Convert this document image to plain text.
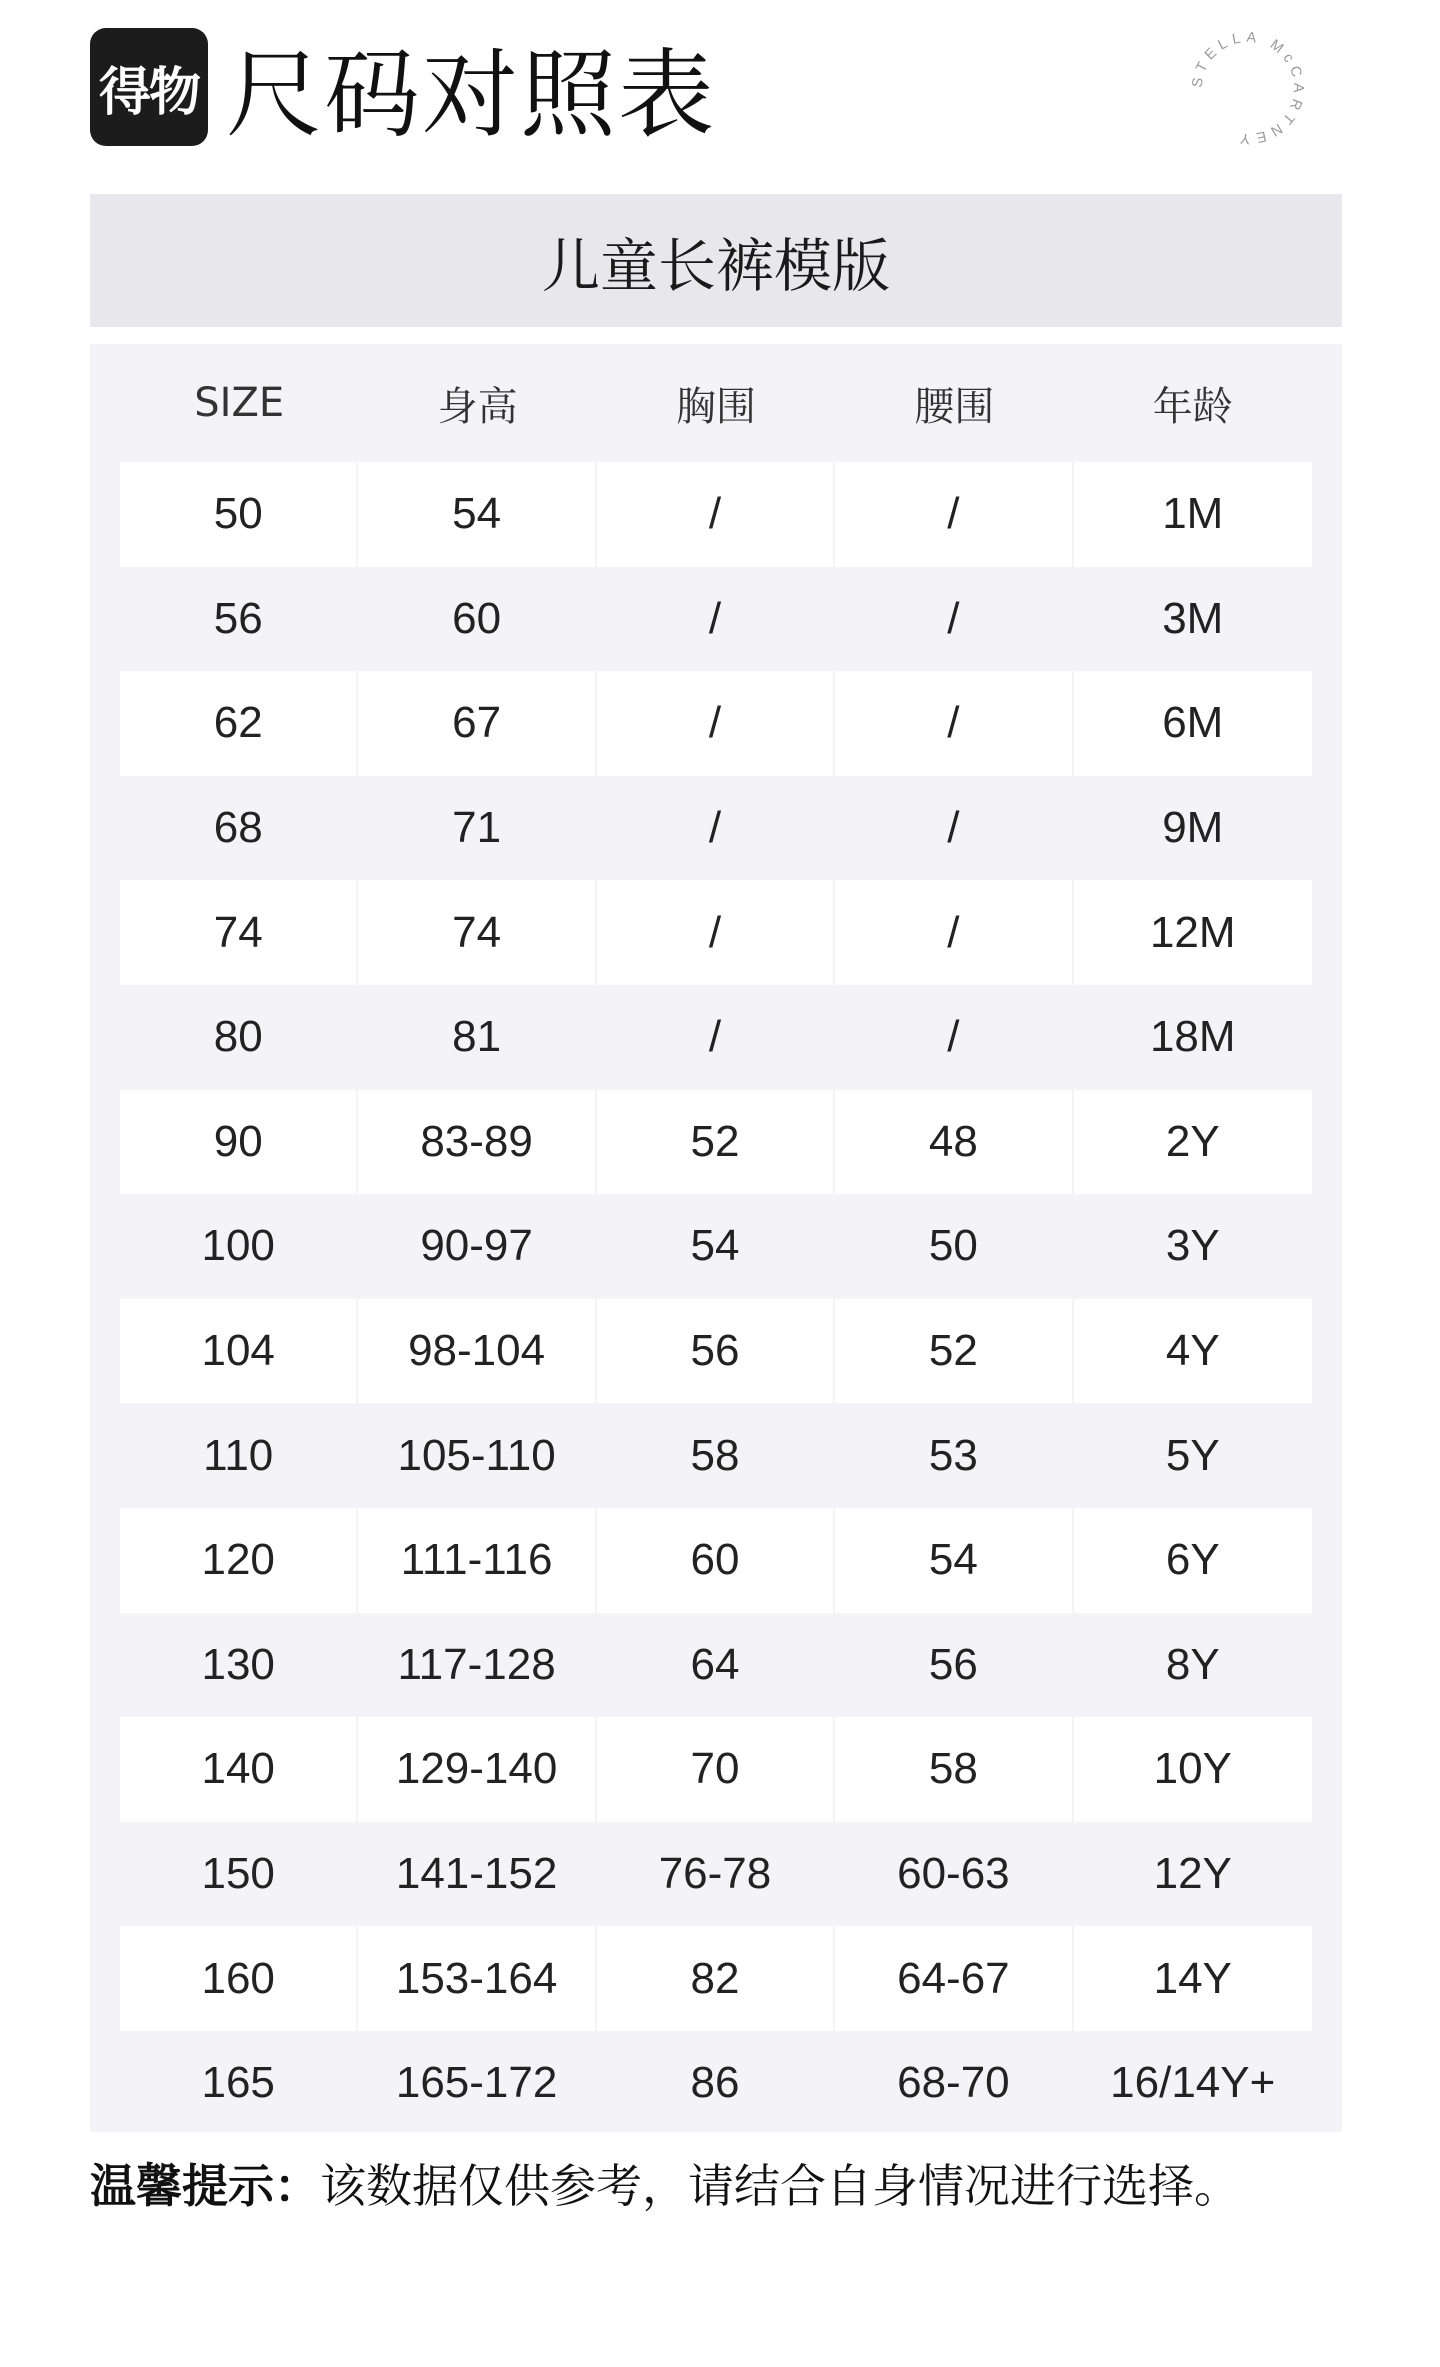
得物 尺码对照表	STELLA McCARTNEY
儿童长裤模版
SIZE	身高	胸围	腰围	年龄
50	54	/	/	1M
56	60	/	/	3M
62	67	/	/	6M
68	71	/	/	9M
74	74	/	/	12M
80	81	/	/	18M
90	83-89	52	48	2Y
100	90-97	54	50	3Y
104	98-104	56	52	4Y
110	105-110	58	53	5Y
120	111-116	60	54	6Y
130	117-128	64	56	8Y
140	129-140	70	58	10Y
150	141-152	76-78	60-63	12Y
160	153-164	82	64-67	14Y
165	165-172	86	68-70	16/14Y+
温馨提示：该数据仅供参考，请结合自身情况进行选择。
